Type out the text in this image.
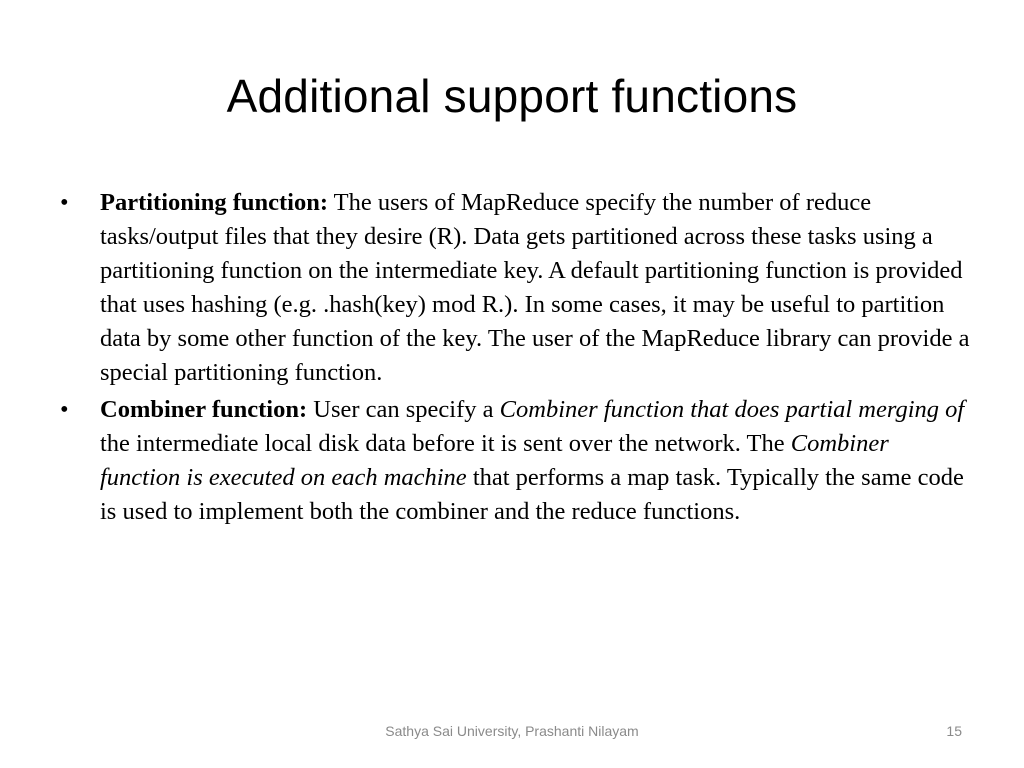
Additional support functions
•	Partitioning function: The users of MapReduce specify the number of reduce tasks/output files that they desire (R). Data gets partitioned across these tasks using a partitioning function on the intermediate key. A default partitioning function is provided that uses hashing (e.g. .hash(key) mod R.). In some cases, it may be useful to partition data by some other function of the key. The user of the MapReduce library can provide a special partitioning function.
•	Combiner function: User can specify a Combiner function that does partial merging of the intermediate local disk data before it is sent over the network. The Combiner function is executed on each machine that performs a map task. Typically the same code is used to implement both the combiner and the reduce functions.
Sathya Sai University, Prashanti Nilayam	15
